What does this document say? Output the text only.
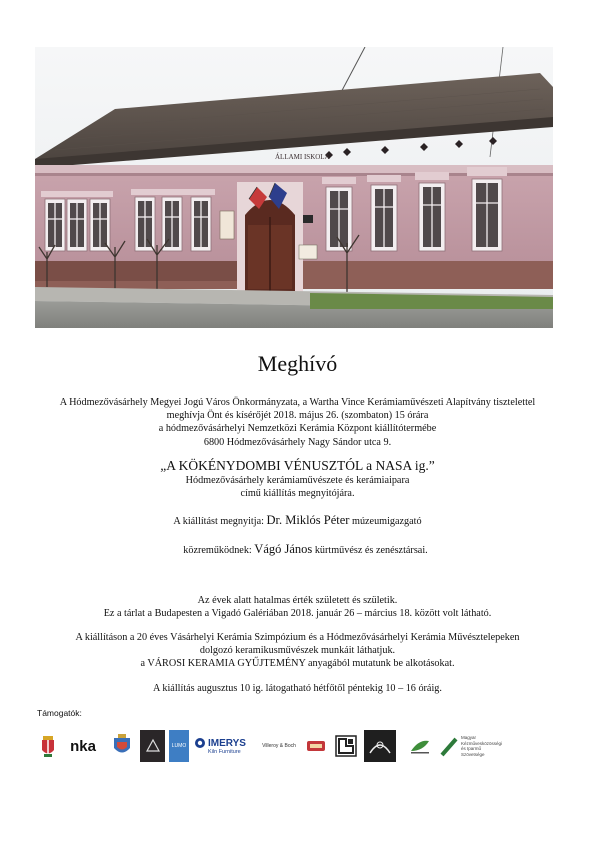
ÁLLAMI ISKOLA
Meghívó
A Hódmezővásárhely Megyei Jogú Város Önkormányzata, a Wartha Vince Kerámiaművészeti Alapítvány tisztelettel
meghívja Önt és kísérőjét 2018. május 26. (szombaton) 15 órára
a hódmezővásárhelyi Nemzetközi Kerámia Központ kiállítótermébe
6800 Hódmezővásárhely Nagy Sándor utca 9.
„A KÖKÉNYDOMBI VÉNUSZTÓL a NASA ig.”
Hódmezővásárhely kerámiaművészete és kerámiaipara
című kiállítás megnyitójára.
A kiállítást megnyitja: Dr. Miklós Péter múzeumigazgató
közreműködnek: Vágó János kürtművész és zenésztársai.
Az évek alatt hatalmas érték született és születik.
Ez a tárlat a Budapesten a Vigadó Galériában 2018. január 26 – március 18. között volt látható.
A kiállításon a 20 éves Vásárhelyi Kerámia Szimpózium és a Hódmezővásárhelyi Kerámia Művésztelepeken
dolgozó keramikusművészek munkáit láthatjuk.
a VÁROSI KERAMIA GYŰJTEMÉNY anyagából mutatunk be alkotásokat.
A kiállítás augusztus 10 ig. látogatható hétfőtől péntekig 10 – 16 óráig.
Támogatók:
nka	LUMO IMERYS
Kiln Furniture
Villeroy & Boch
Magyar Kézművesközösségi és Iparmű Szövetsége
